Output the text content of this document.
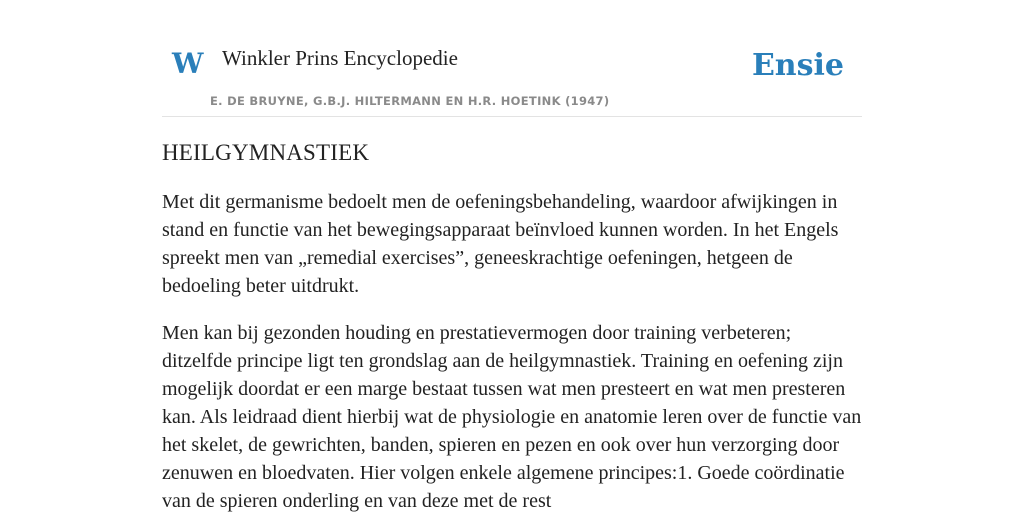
W Winkler Prins Encyclopedie
E. DE BRUYNE, G.B.J. HILTERMANN EN H.R. HOETINK (1947)
Ensie
HEILGYMNASTIEK

Met dit germanisme bedoelt men de oefeningsbehandeling, waardoor afwijkingen in stand en functie van het bewegingsapparaat beïnvloed kunnen worden. In het Engels spreekt men van „remedial exercises”, geneeskrachtige oefeningen, hetgeen de bedoeling beter uitdrukt.

Men kan bij gezonden houding en prestatievermogen door training verbeteren; ditzelfde principe ligt ten grondslag aan de heilgymnastiek. Training en oefening zijn mogelijk doordat er een marge bestaat tussen wat men presteert en wat men presteren kan. Als leidraad dient hierbij wat de physiologie en anatomie leren over de functie van het skelet, de gewrichten, banden, spieren en pezen en ook over hun verzorging door zenuwen en bloedvaten. Hier volgen enkele algemene principes:1. Goede coördinatie van de spieren onderling en van deze met de rest
